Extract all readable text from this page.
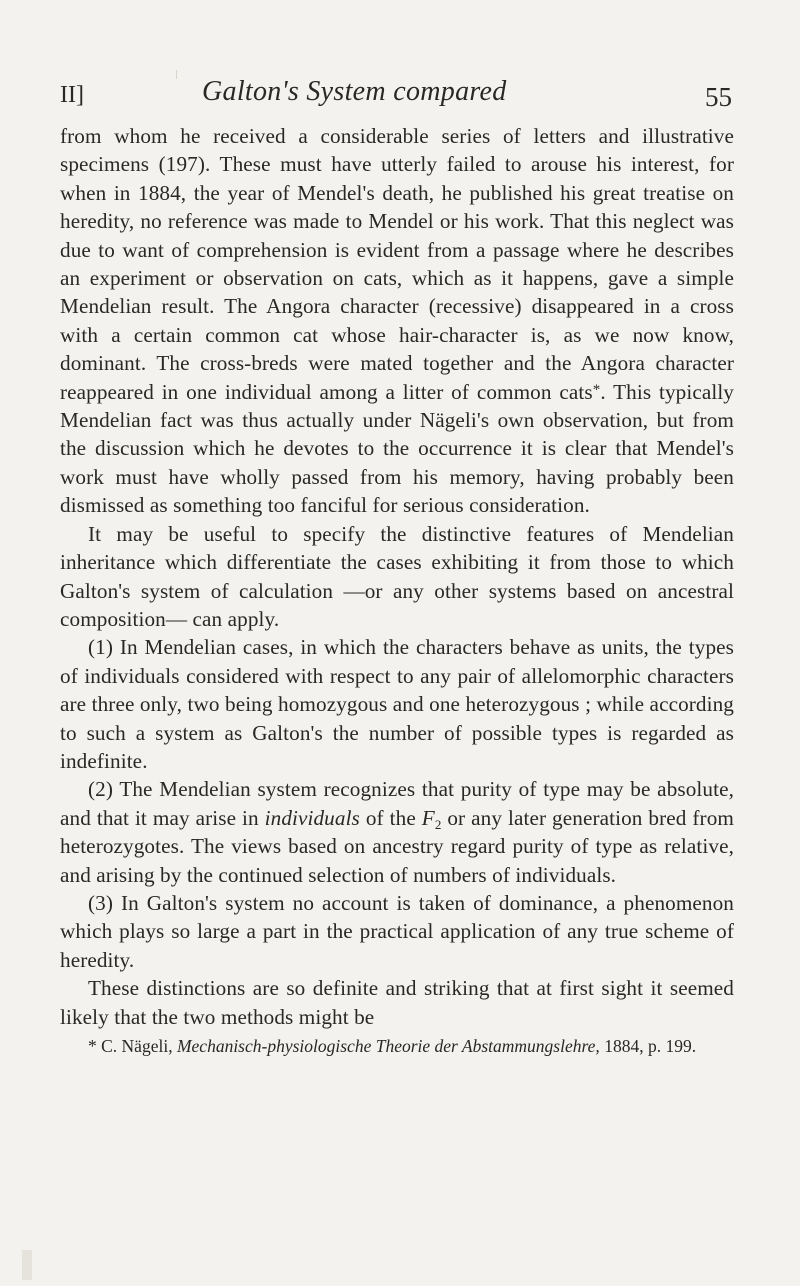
II]	Galton's System compared	55

from whom he received a considerable series of letters and illustrative specimens (197). These must have utterly failed to arouse his interest, for when in 1884, the year of Mendel's death, he published his great treatise on heredity, no reference was made to Mendel or his work. That this neglect was due to want of comprehension is evident from a passage where he describes an experiment or observation on cats, which as it happens, gave a simple Mendelian result. The Angora character (recessive) disappeared in a cross with a certain common cat whose hair-character is, as we now know, dominant. The cross-breds were mated together and the Angora character reappeared in one individual among a litter of common cats*. This typically Mendelian fact was thus actually under Nägeli's own observation, but from the discussion which he devotes to the occurrence it is clear that Mendel's work must have wholly passed from his memory, having probably been dismissed as something too fanciful for serious consideration.

It may be useful to specify the distinctive features of Mendelian inheritance which differentiate the cases exhibiting it from those to which Galton's system of calculation —or any other systems based on ancestral composition— can apply.

(1) In Mendelian cases, in which the characters behave as units, the types of individuals considered with respect to any pair of allelomorphic characters are three only, two being homozygous and one heterozygous ; while according to such a system as Galton's the number of possible types is regarded as indefinite.

(2) The Mendelian system recognizes that purity of type may be absolute, and that it may arise in individuals of the $F_2$ or any later generation bred from heterozygotes. The views based on ancestry regard purity of type as relative, and arising by the continued selection of numbers of individuals.

(3) In Galton's system no account is taken of dominance, a phenomenon which plays so large a part in the practical application of any true scheme of heredity.

These distinctions are so definite and striking that at first sight it seemed likely that the two methods might be

* C. Nägeli, Mechanisch-physiologische Theorie der Abstammungslehre, 1884, p. 199.
